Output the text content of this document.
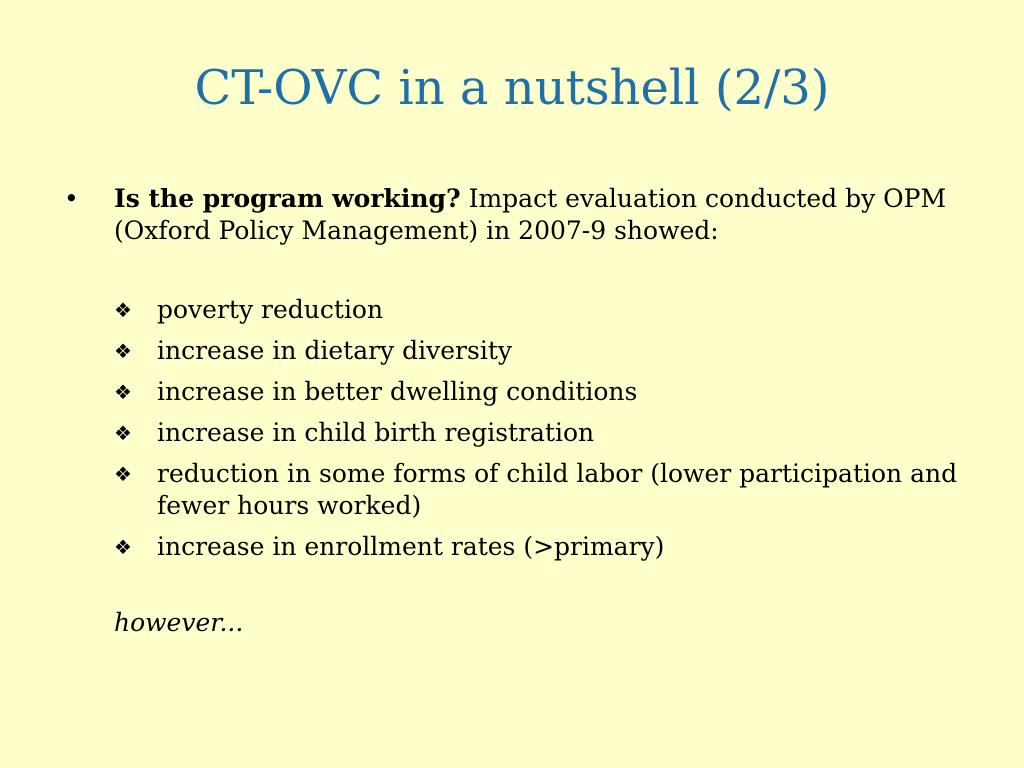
CT-OVC in a nutshell (2/3)
• Is the program working? Impact evaluation conducted by OPM (Oxford Policy Management) in 2007-9 showed:
❖ poverty reduction
❖ increase in dietary diversity
❖ increase in better dwelling conditions
❖ increase in child birth registration
❖ reduction in some forms of child labor (lower participation and fewer hours worked)
❖ increase in enrollment rates (>primary)
however...
